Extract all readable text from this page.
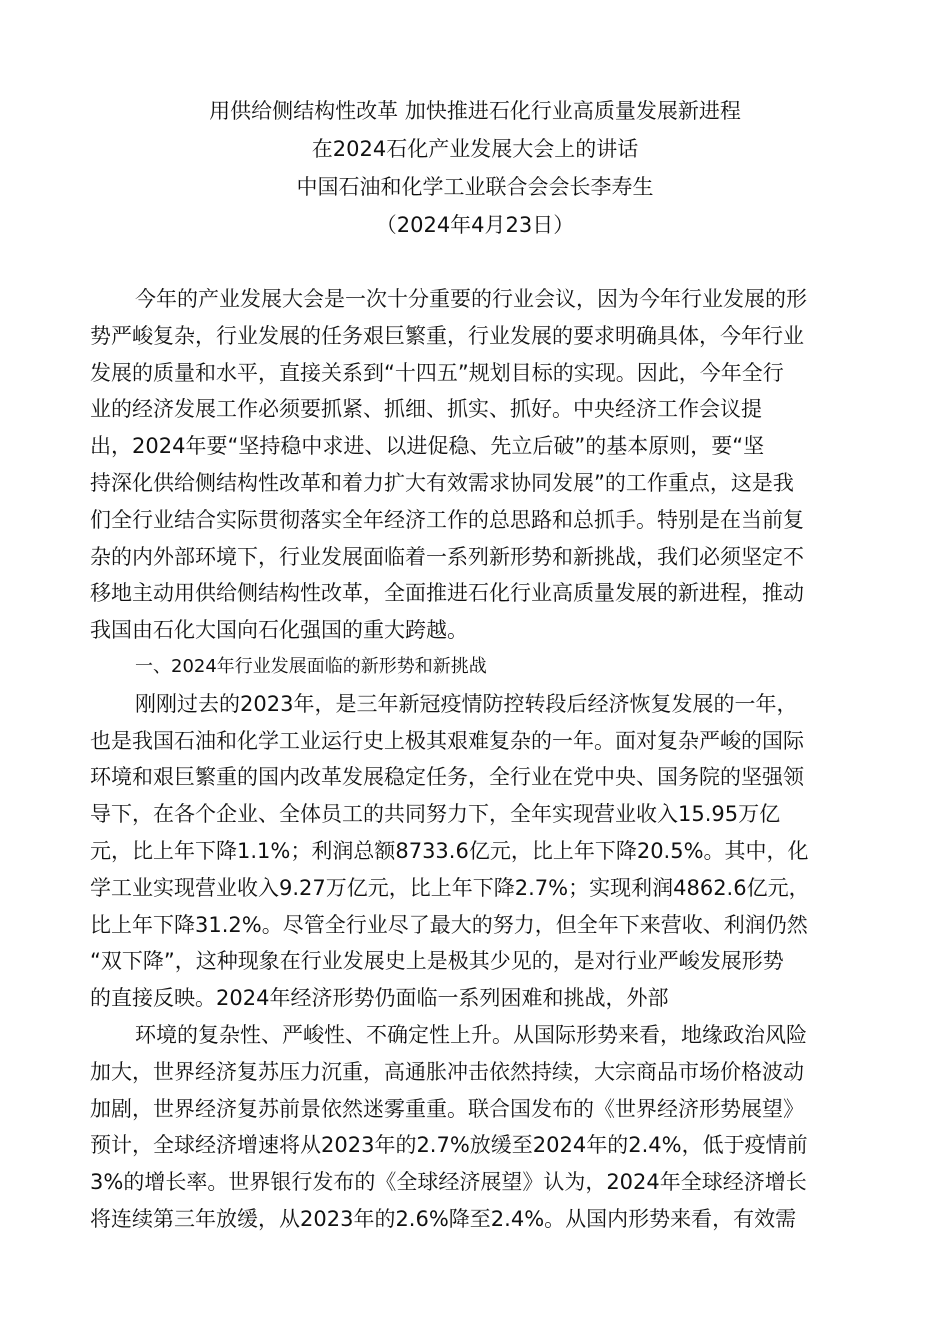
用供给侧结构性改革 加快推进石化行业高质量发展新进程
在2024石化产业发展大会上的讲话
中国石油和化学工业联合会会长李寿生
（2024年4月23日）
今年的产业发展大会是一次十分重要的行业会议，因为今年行业发展的形
势严峻复杂，行业发展的任务艰巨繁重，行业发展的要求明确具体，今年行业
发展的质量和水平，直接关系到“十四五”规划目标的实现。因此，今年全行
业的经济发展工作必须要抓紧、抓细、抓实、抓好。中央经济工作会议提
出，2024年要“坚持稳中求进、以进促稳、先立后破”的基本原则，要“坚
持深化供给侧结构性改革和着力扩大有效需求协同发展”的工作重点，这是我
们全行业结合实际贯彻落实全年经济工作的总思路和总抓手。特别是在当前复
杂的内外部环境下，行业发展面临着一系列新形势和新挑战，我们必须坚定不
移地主动用供给侧结构性改革，全面推进石化行业高质量发展的新进程，推动
我国由石化大国向石化强国的重大跨越。
一、2024年行业发展面临的新形势和新挑战
刚刚过去的2023年，是三年新冠疫情防控转段后经济恢复发展的一年，
也是我国石油和化学工业运行史上极其艰难复杂的一年。面对复杂严峻的国际
环境和艰巨繁重的国内改革发展稳定任务，全行业在党中央、国务院的坚强领
导下，在各个企业、全体员工的共同努力下，全年实现营业收入15.95万亿
元，比上年下降1.1%；利润总额8733.6亿元，比上年下降20.5%。其中，化
学工业实现营业收入9.27万亿元，比上年下降2.7%；实现利润4862.6亿元，
比上年下降31.2%。尽管全行业尽了最大的努力，但全年下来营收、利润仍然
“双下降”，这种现象在行业发展史上是极其少见的，是对行业严峻发展形势
的直接反映。2024年经济形势仍面临一系列困难和挑战，外部
环境的复杂性、严峻性、不确定性上升。从国际形势来看，地缘政治风险
加大，世界经济复苏压力沉重，高通胀冲击依然持续，大宗商品市场价格波动
加剧，世界经济复苏前景依然迷雾重重。联合国发布的《世界经济形势展望》
预计，全球经济增速将从2023年的2.7%放缓至2024年的2.4%，低于疫情前
3%的增长率。世界银行发布的《全球经济展望》认为，2024年全球经济增长
将连续第三年放缓，从2023年的2.6%降至2.4%。从国内形势来看，有效需
